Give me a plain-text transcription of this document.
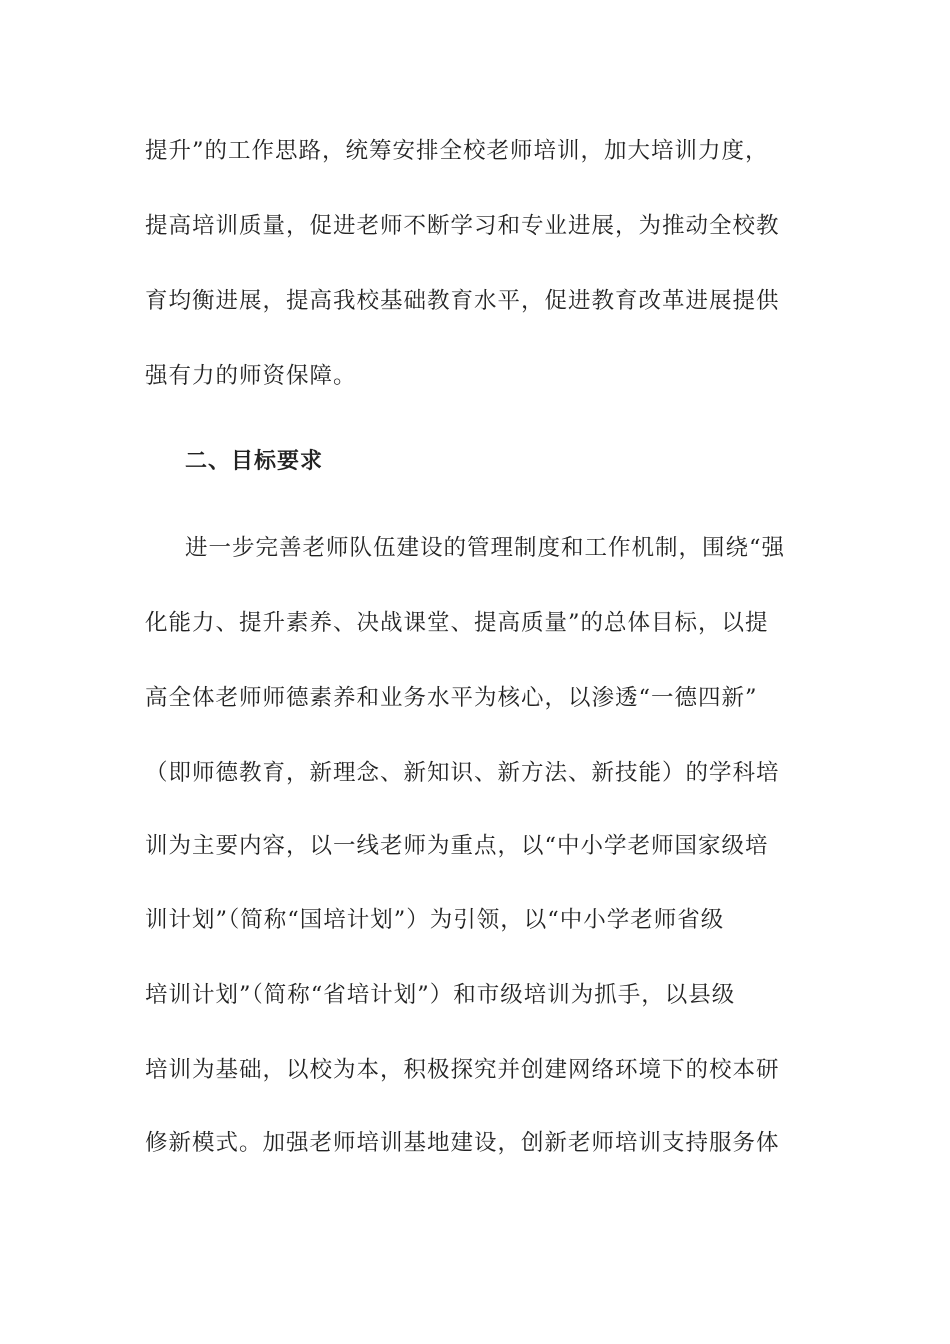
提升”的工作思路，统筹安排全校老师培训，加大培训力度，
提高培训质量，促进老师不断学习和专业进展，为推动全校教
育均衡进展，提高我校基础教育水平，促进教育改革进展提供
强有力的师资保障。
二、目标要求
进一步完善老师队伍建设的管理制度和工作机制，围绕“强
化能力、提升素养、决战课堂、提高质量”的总体目标，以提
高全体老师师德素养和业务水平为核心，以渗透“一德四新”
（即师德教育，新理念、新知识、新方法、新技能）的学科培
训为主要内容，以一线老师为重点，以“中小学老师国家级培
训计划”（简称“国培计划”）为引领，以“中小学老师省级
培训计划”（简称“省培计划”）和市级培训为抓手，以县级
培训为基础，以校为本，积极探究并创建网络环境下的校本研
修新模式。加强老师培训基地建设，创新老师培训支持服务体
